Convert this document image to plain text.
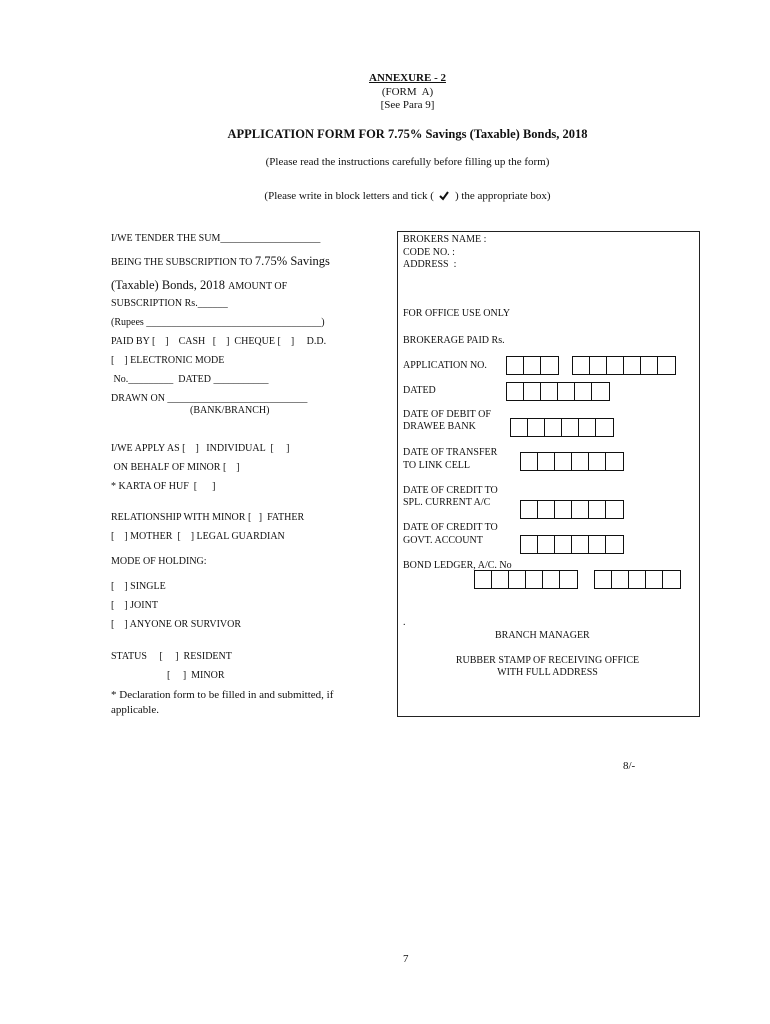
ANNEXURE - 2
(FORM  A)
[See Para 9]
APPLICATION FORM FOR 7.75% Savings (Taxable) Bonds, 2018
(Please read the instructions carefully before filling up the form)
(Please write in block letters and tick ( ) the appropriate box)
I/WE TENDER THE SUM____________________
BEING THE SUBSCRIPTION TO 7.75% Savings
(Taxable) Bonds, 2018 AMOUNT OF
SUBSCRIPTION Rs.______
(Rupees ___________________________________)
PAID BY [    ]    CASH   [    ]  CHEQUE [    ]     D.D.
[    ] ELECTRONIC MODE
No._________  DATED ___________
DRAWN ON ____________________________
(BANK/BRANCH)
I/WE APPLY AS [    ]   INDIVIDUAL  [     ]
ON BEHALF OF MINOR [    ]
* KARTA OF HUF  [      ]
RELATIONSHIP WITH MINOR [   ]  FATHER
[    ] MOTHER  [    ] LEGAL GUARDIAN
MODE OF HOLDING:
[    ] SINGLE
[    ] JOINT
[    ] ANYONE OR SURVIVOR
STATUS     [     ]  RESIDENT
[     ]  MINOR
* Declaration form to be filled in and submitted, if
applicable.
BROKERS NAME :
CODE NO. :
ADDRESS  :
FOR OFFICE USE ONLY
BROKERAGE PAID Rs.
APPLICATION NO.
DATED
DATE OF DEBIT OF
DRAWEE BANK
DATE OF TRANSFER
TO LINK CELL
DATE OF CREDIT TO
SPL. CURRENT A/C
DATE OF CREDIT TO
GOVT. ACCOUNT
BOND LEDGER, A/C. No
.
BRANCH MANAGER
RUBBER STAMP OF RECEIVING OFFICE
WITH FULL ADDRESS
8/-
7
